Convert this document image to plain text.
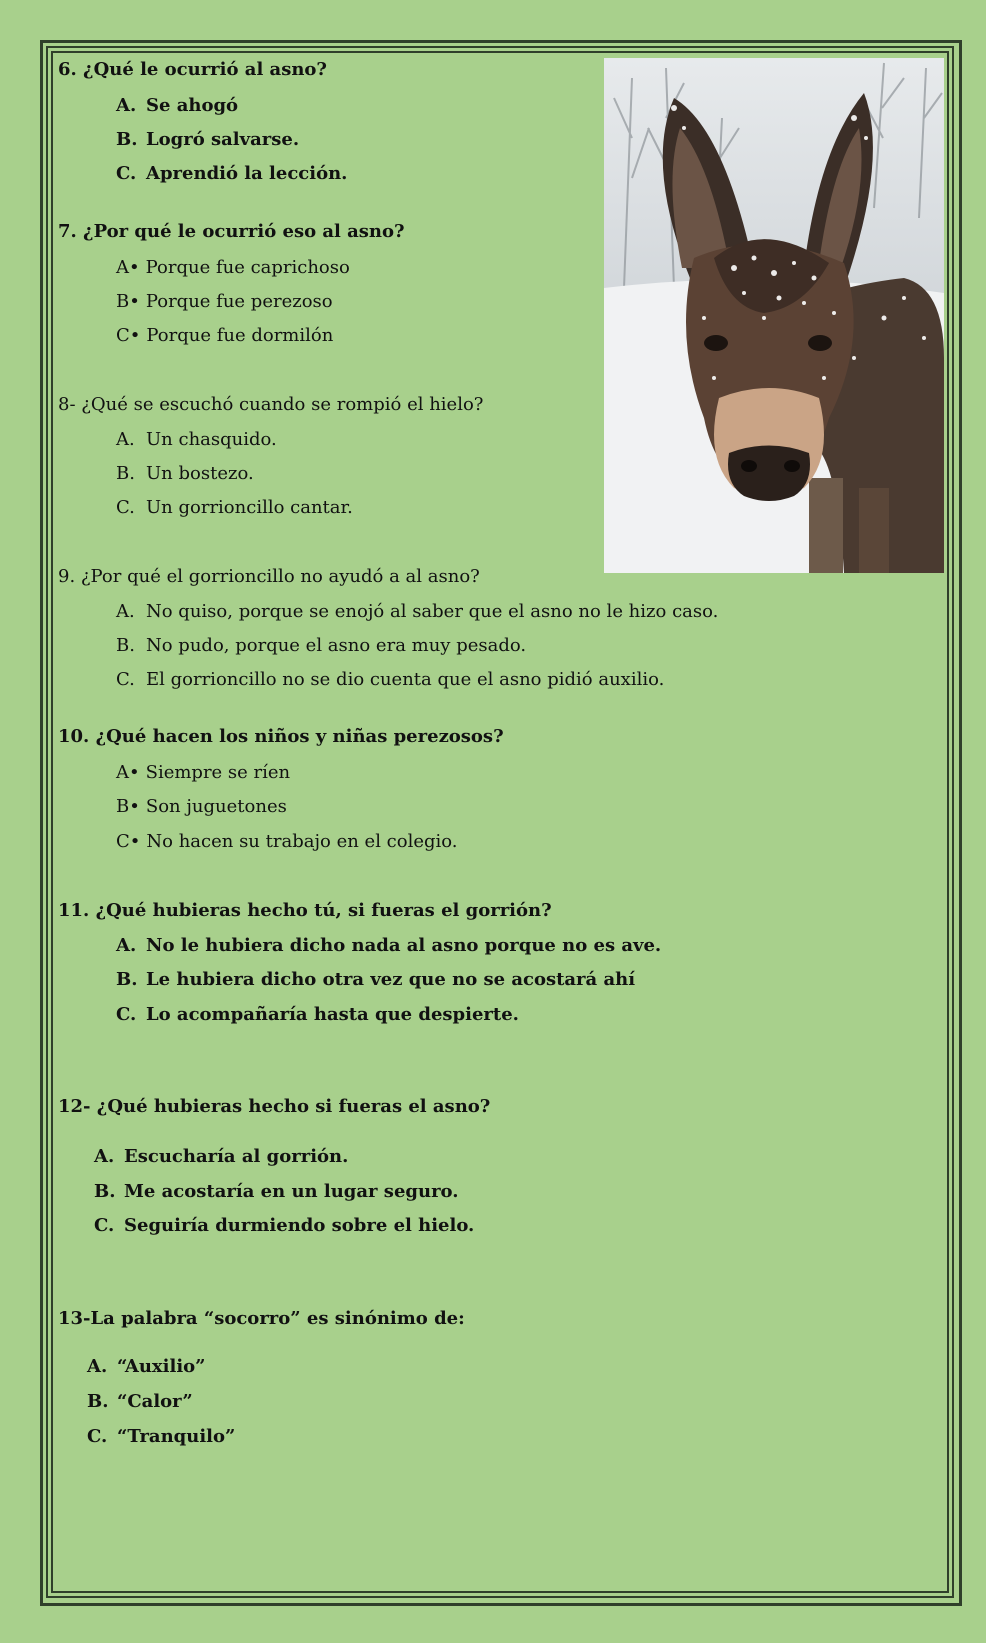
6. ¿Qué le ocurrió al asno?
A. Se ahogó
B. Logró salvarse.
C. Aprendió la lección.
7. ¿Por qué le ocurrió eso al asno?
A• Porque fue caprichoso
B• Porque fue perezoso
C• Porque fue dormilón
8- ¿Qué se escuchó cuando se rompió el hielo?
A. Un chasquido.
B. Un bostezo.
C. Un gorrioncillo cantar.
9. ¿Por qué el gorrioncillo no ayudó a al asno?
A. No quiso, porque se enojó al saber que el asno no le hizo caso.
B. No pudo, porque el asno era muy pesado.
C. El gorrioncillo no se dio cuenta que el asno pidió auxilio.
10. ¿Qué hacen los niños y niñas perezosos?
A• Siempre se ríen
B• Son juguetones
C• No hacen su trabajo en el colegio.
11. ¿Qué hubieras hecho tú, si fueras el gorrión?
A. No le hubiera dicho nada al asno porque no es ave.
B. Le hubiera dicho otra vez que no se acostará ahí
C. Lo acompañaría hasta que despierte.
12- ¿Qué hubieras hecho si fueras el asno?
A. Escucharía al gorrión.
B. Me acostaría en un lugar seguro.
C. Seguiría durmiendo sobre el hielo.
13-La palabra “socorro” es sinónimo de:
A. “Auxilio”
B. “Calor”
C. “Tranquilo”
